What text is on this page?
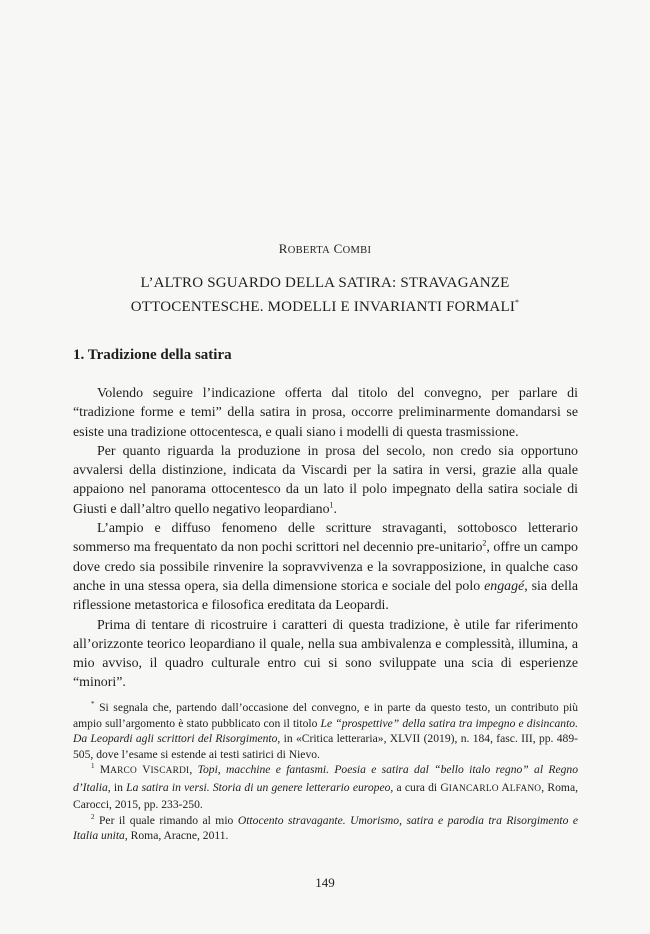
ROBERTA COMBI
L’ALTRO SGUARDO DELLA SATIRA: STRAVAGANZE
OTTOCENTESCHE. MODELLI E INVARIANTI FORMALI*
1. Tradizione della satira

Volendo seguire l’indicazione offerta dal titolo del convegno, per parlare di “tradizione forme e temi” della satira in prosa, occorre preliminarmente domandarsi se esiste una tradizione ottocentesca, e quali siano i modelli di questa trasmissione.

Per quanto riguarda la produzione in prosa del secolo, non credo sia opportuno avvalersi della distinzione, indicata da Viscardi per la satira in versi, grazie alla quale appaiono nel panorama ottocentesco da un lato il polo impegnato della satira sociale di Giusti e dall’altro quello negativo leopardiano$^1$.

L’ampio e diffuso fenomeno delle scritture stravaganti, sottobosco letterario sommerso ma frequentato da non pochi scrittori nel decennio pre-unitario$^2$, offre un campo dove credo sia possibile rinvenire la sopravvivenza e la sovrapposizione, in qualche caso anche in una stessa opera, sia della dimensione storica e sociale del polo engagé, sia della riflessione metastorica e filosofica ereditata da Leopardi.

Prima di tentare di ricostruire i caratteri di questa tradizione, è utile far riferimento all’orizzonte teorico leopardiano il quale, nella sua ambivalenza e complessità, illumina, a mio avviso, il quadro culturale entro cui si sono sviluppate una scia di esperienze “minori”.

* Si segnala che, partendo dall’occasione del convegno, e in parte da questo testo, un contributo più ampio sull’argomento è stato pubblicato con il titolo Le “prospettive” della satira tra impegno e disincanto. Da Leopardi agli scrittori del Risorgimento, in «Critica letteraria», XLVII (2019), n. 184, fasc. III, pp. 489-505, dove l’esame si estende ai testi satirici di Nievo.

$^1$ MARCO VISCARDI, Topi, macchine e fantasmi. Poesia e satira dal “bello italo regno” al Regno d’Italia, in La satira in versi. Storia di un genere letterario europeo, a cura di GIANCARLO ALFANO, Roma, Carocci, 2015, pp. 233-250.

$^2$ Per il quale rimando al mio Ottocento stravagante. Umorismo, satira e parodia tra Risorgimento e Italia unita, Roma, Aracne, 2011.

149
